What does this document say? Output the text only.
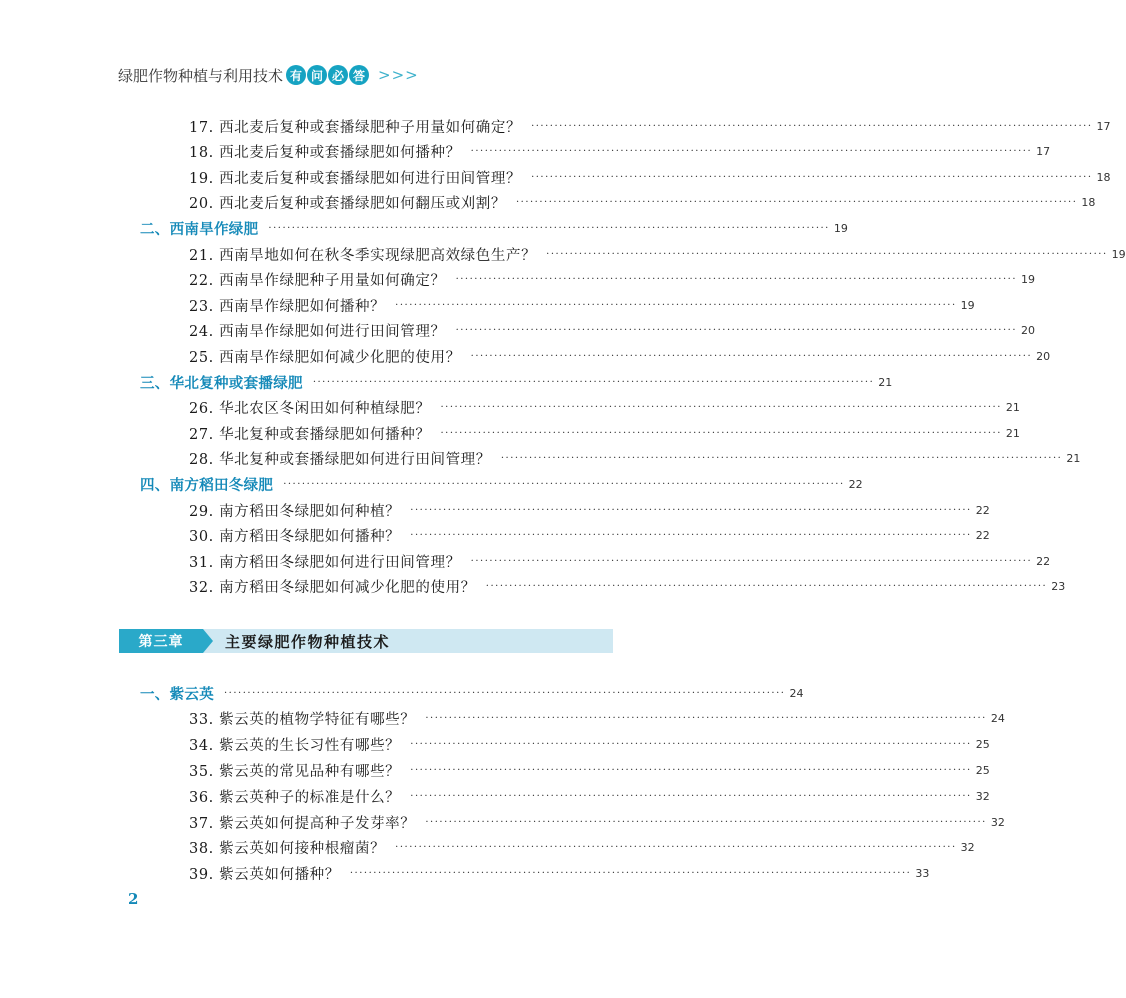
绿肥作物种植与利用技术 有 问 必 答 >>>
17. 西北麦后复种或套播绿肥种子用量如何确定？ ························································································································ 17
18. 西北麦后复种或套播绿肥如何播种？ ························································································································ 17
19. 西北麦后复种或套播绿肥如何进行田间管理？ ························································································································ 18
20. 西北麦后复种或套播绿肥如何翻压或刈割？ ························································································································ 18
二、西南旱作绿肥 ························································································································ 19
21. 西南旱地如何在秋冬季实现绿肥高效绿色生产？ ························································································································ 19
22. 西南旱作绿肥种子用量如何确定？ ························································································································ 19
23. 西南旱作绿肥如何播种？ ························································································································ 19
24. 西南旱作绿肥如何进行田间管理？ ························································································································ 20
25. 西南旱作绿肥如何减少化肥的使用？ ························································································································ 20
三、华北复种或套播绿肥 ························································································································ 21
26. 华北农区冬闲田如何种植绿肥？ ························································································································ 21
27. 华北复种或套播绿肥如何播种？ ························································································································ 21
28. 华北复种或套播绿肥如何进行田间管理？ ························································································································ 21
四、南方稻田冬绿肥 ························································································································ 22
29. 南方稻田冬绿肥如何种植？ ························································································································ 22
30. 南方稻田冬绿肥如何播种？ ························································································································ 22
31. 南方稻田冬绿肥如何进行田间管理？ ························································································································ 22
32. 南方稻田冬绿肥如何减少化肥的使用？ ························································································································ 23
第三章	主要绿肥作物种植技术
一、紫云英 ························································································································ 24
33. 紫云英的植物学特征有哪些？ ························································································································ 24
34. 紫云英的生长习性有哪些？ ························································································································ 25
35. 紫云英的常见品种有哪些？ ························································································································ 25
36. 紫云英种子的标准是什么？ ························································································································ 32
37. 紫云英如何提高种子发芽率？ ························································································································ 32
38. 紫云英如何接种根瘤菌？ ························································································································ 32
39. 紫云英如何播种？ ························································································································ 33
2
